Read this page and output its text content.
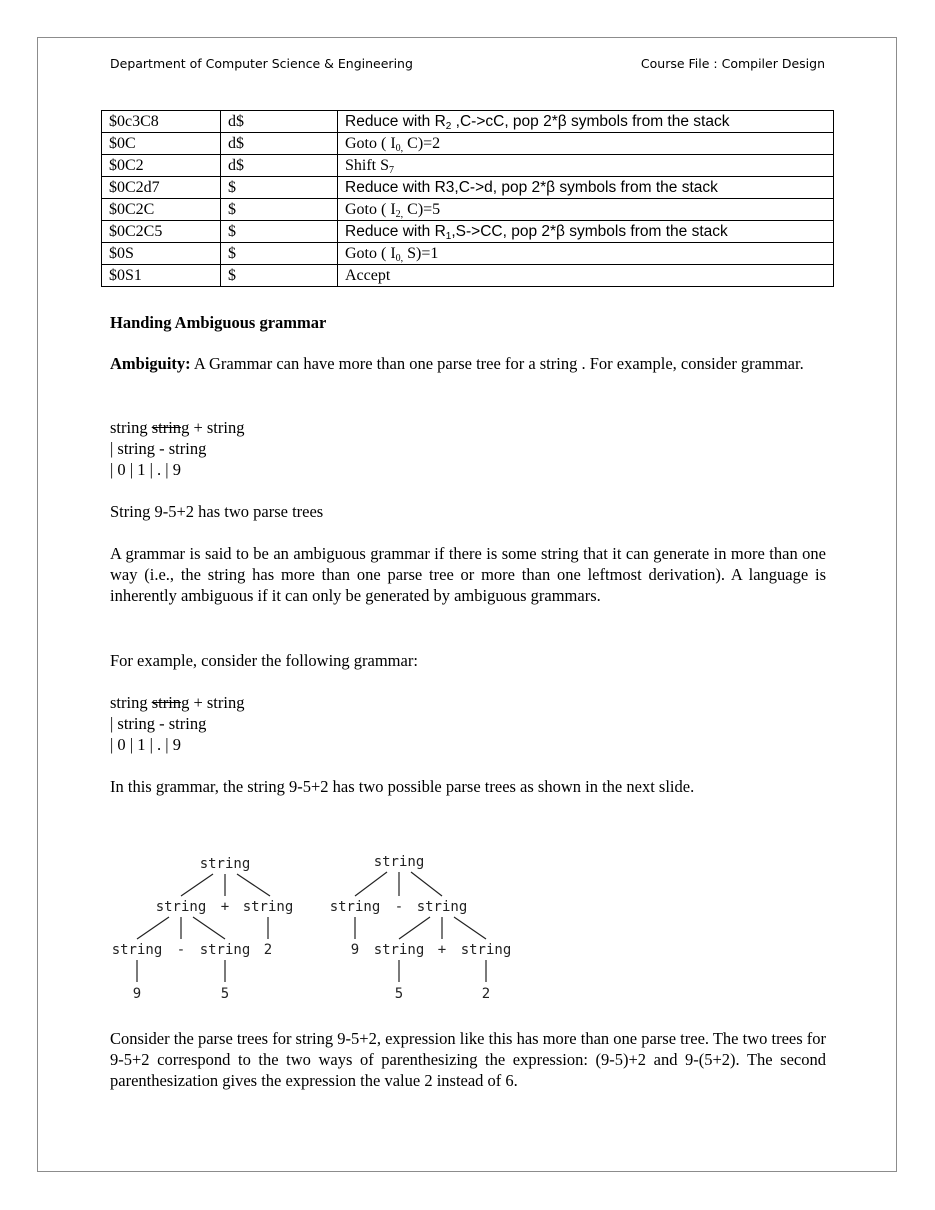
Department of Computer Science & Engineering	Course File : Compiler Design
$0c3C8	d$	Reduce with $R_2$ ,C->cC, pop 2*β symbols from the stack
$0C	d$	Goto ( $I_{0,}$ C)=2
$0C2	d$	Shift $S_7$
$0C2d7	$	Reduce with R3,C->d, pop 2*β symbols from the stack
$0C2C	$	Goto ( $I_{2,}$ C)=5
$0C2C5	$	Reduce with $R_1,S->CC$, pop 2*β symbols from the stack
$0S	$	Goto ( $I_{0,}$ S)=1
$0S1	$	Accept
Handing Ambiguous grammar
Ambiguity: A Grammar can have more than one parse tree for a string . For example, consider grammar.
string string + string
| string - string
| 0 | 1 | . | 9
String 9-5+2 has two parse trees
A grammar is said to be an ambiguous grammar if there is some string that it can generate in more than one way (i.e., the string has more than one parse tree or more than one leftmost derivation). A language is inherently ambiguous if it can only be generated by ambiguous grammars.
For example, consider the following grammar:
string string + string
| string - string
| 0 | 1 | . | 9
In this grammar, the string 9-5+2 has two possible parse trees as shown in the next slide.
string
string + string
string - string 2
9	5
string
string - string
9 string + string
5	2
Consider the parse trees for string 9-5+2, expression like this has more than one parse tree. The two trees for 9-5+2 correspond to the two ways of parenthesizing the expression: (9-5)+2 and 9-(5+2). The second parenthesization gives the expression the value 2 instead of 6.
